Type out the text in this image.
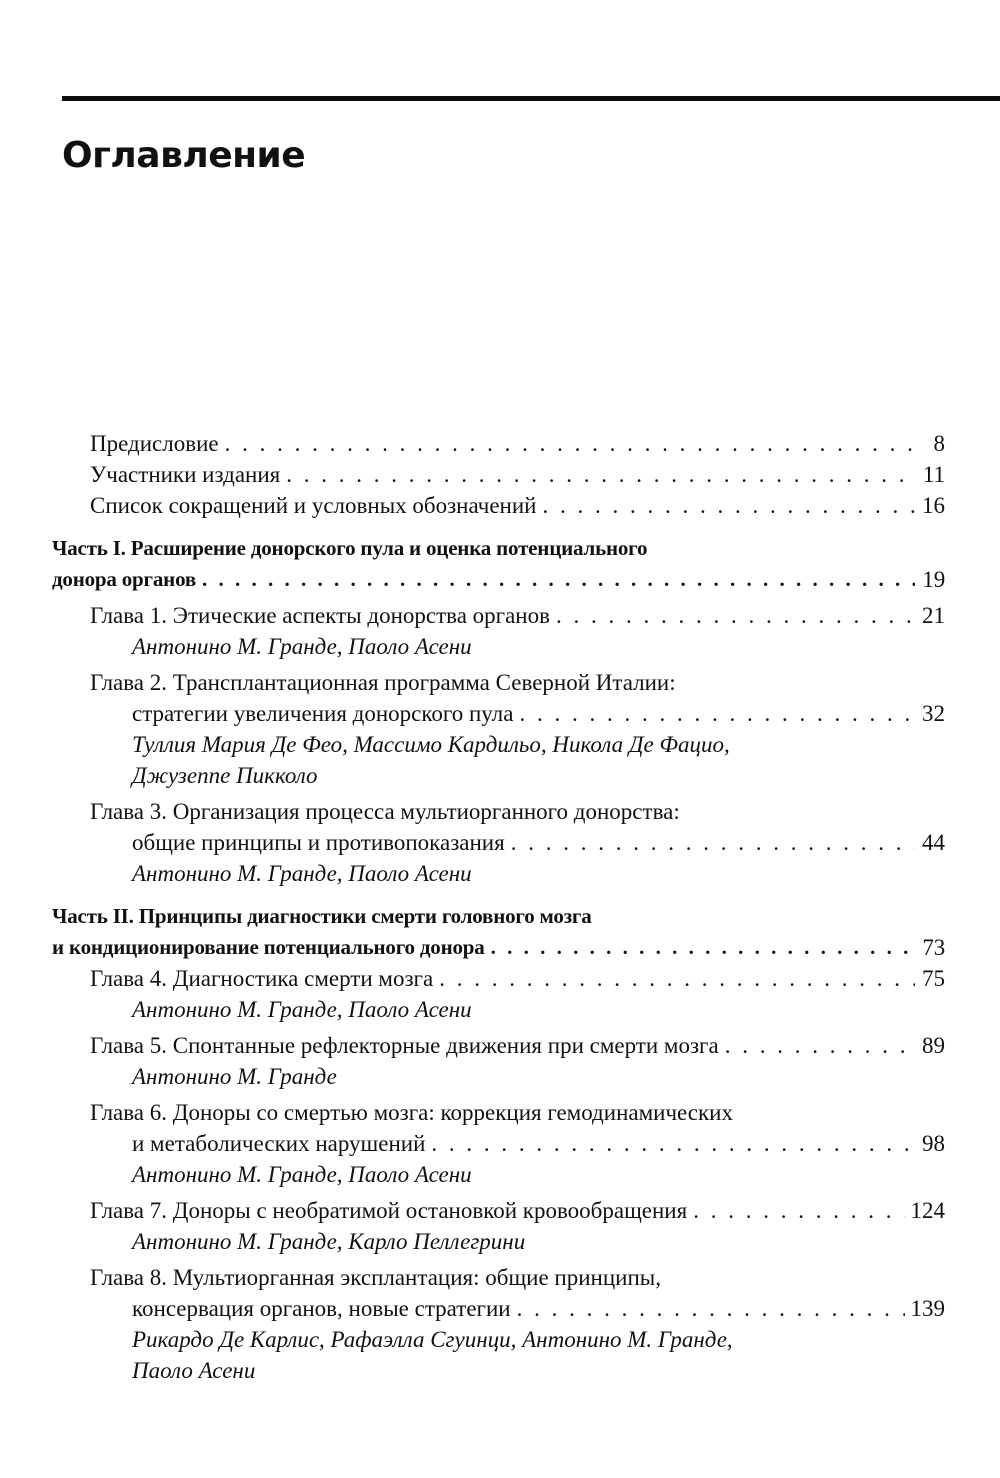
Оглавление
Предисловие . . .	8
Участники издания . . .	11
Список сокращений и условных обозначений . . .	16
Часть I. Расширение донорского пула и оценка потенциального
донора органов . . .	19
Глава 1. Этические аспекты донорства органов . . .	21
Антонино М. Гранде, Паоло Асени
Глава 2. Трансплантационная программа Северной Италии:
стратегии увеличения донорского пула . . .	32
Туллия Мария Де Фео, Массимо Кардильо, Никола Де Фацио,
Джузеппе Пикколо
Глава 3. Организация процесса мультиорганного донорства:
общие принципы и противопоказания . . .	44
Антонино М. Гранде, Паоло Асени
Часть II. Принципы диагностики смерти головного мозга
и кондиционирование потенциального донора . . .	73
Глава 4. Диагностика смерти мозга . . .	75
Антонино М. Гранде, Паоло Асени
Глава 5. Спонтанные рефлекторные движения при смерти мозга . . .	89
Антонино М. Гранде
Глава 6. Доноры со смертью мозга: коррекция гемодинамических
и метаболических нарушений . . .	98
Антонино М. Гранде, Паоло Асени
Глава 7. Доноры с необратимой остановкой кровообращения . . .	124
Антонино М. Гранде, Карло Пеллегрини
Глава 8. Мультиорганная эксплантация: общие принципы,
консервация органов, новые стратегии . . .	139
Рикардо Де Карлис, Рафаэлла Сгуинци, Антонино М. Гранде,
Паоло Асени
